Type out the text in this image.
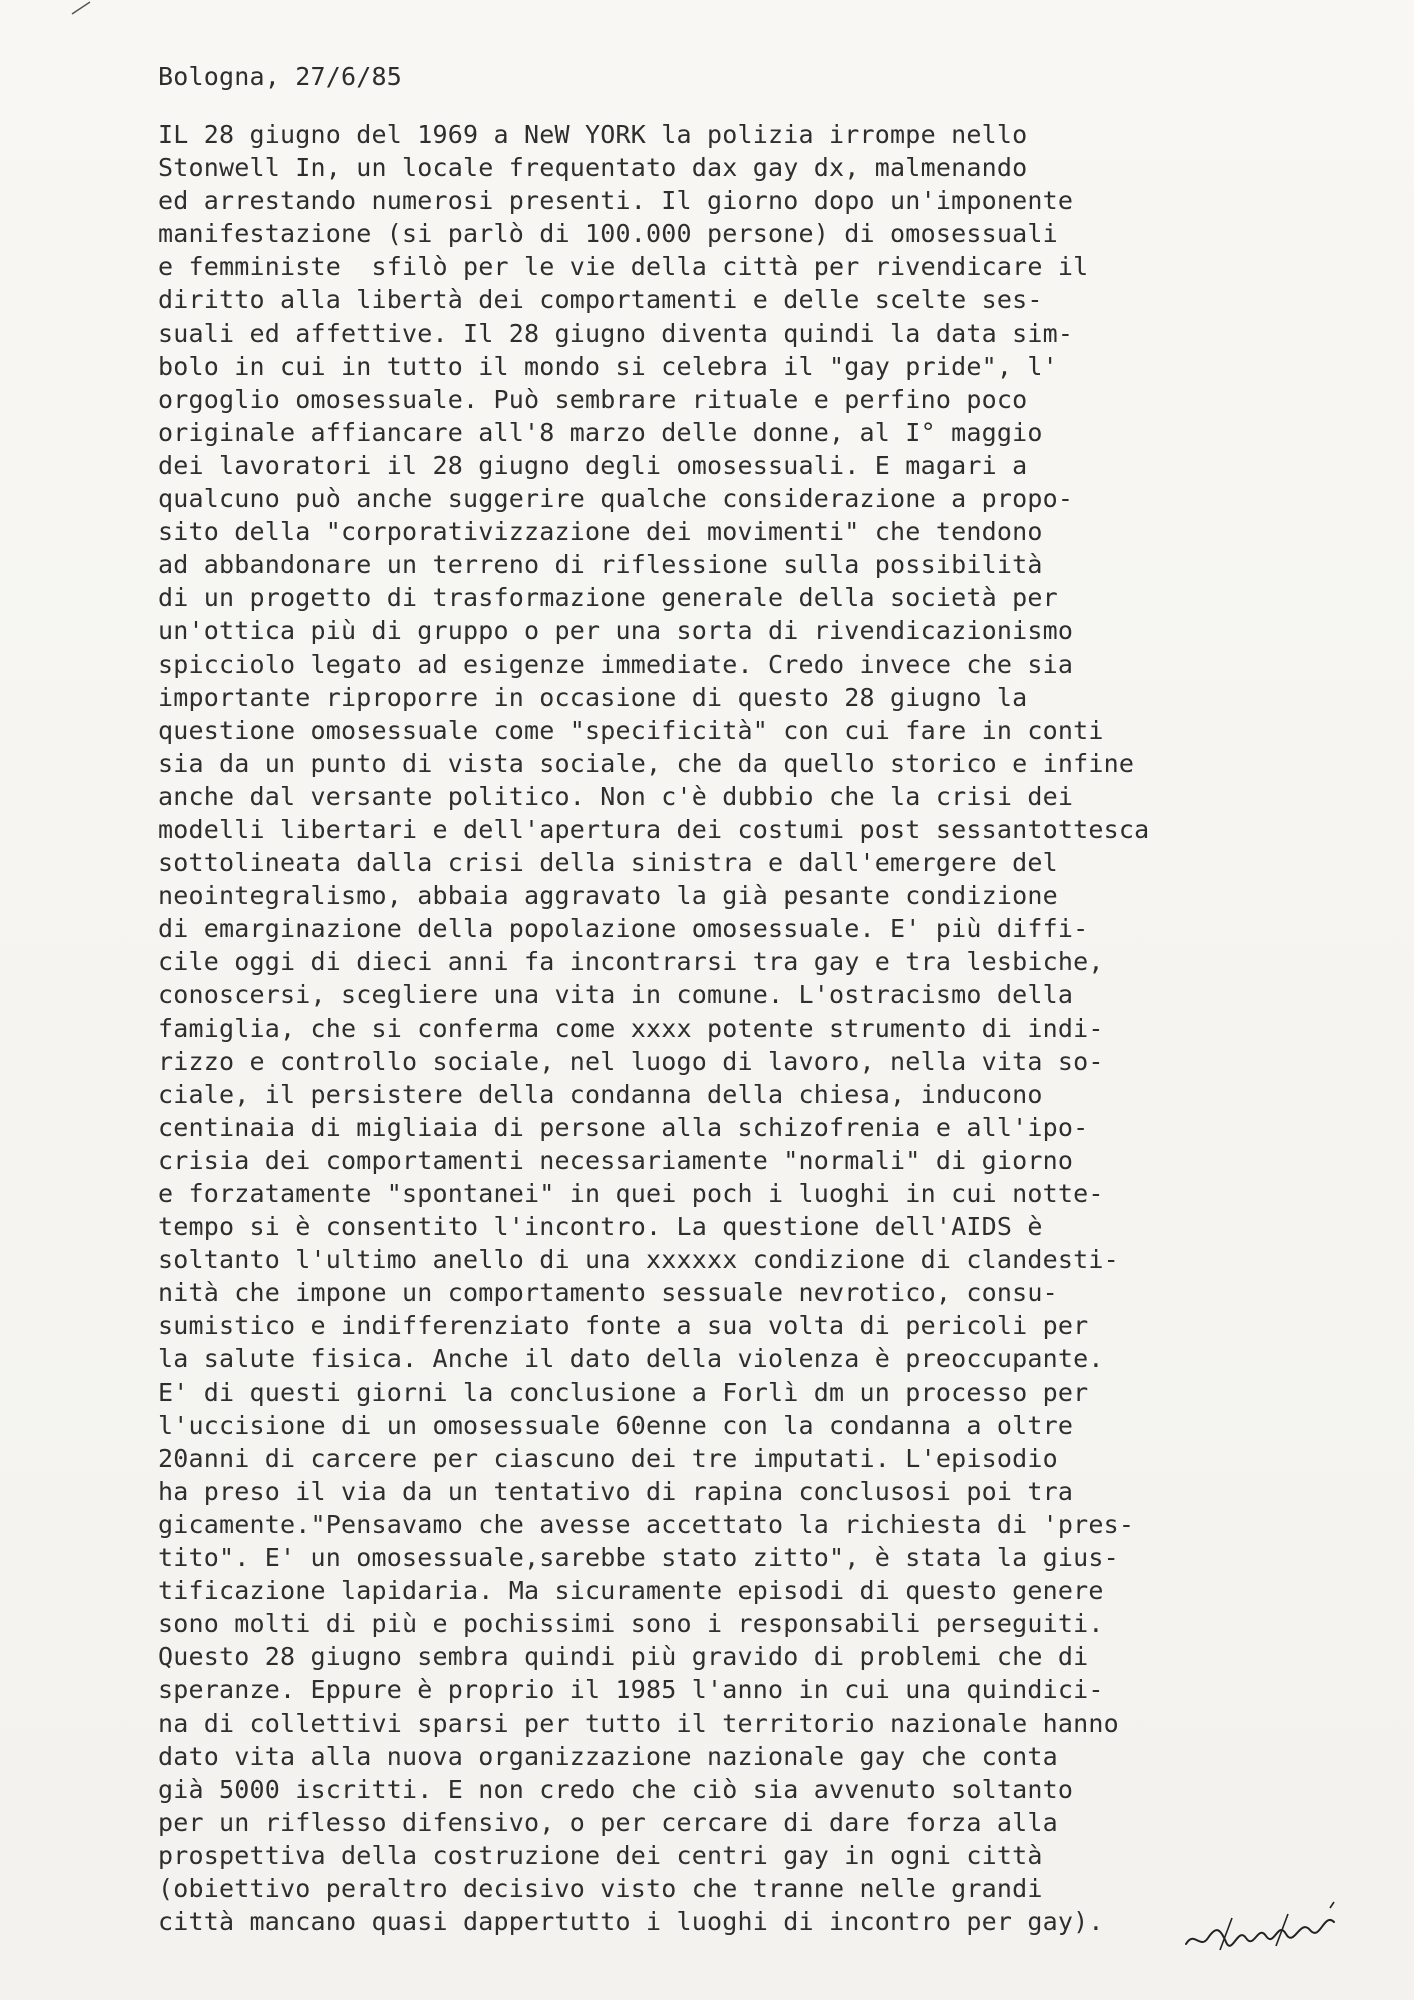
Bologna, 27/6/85
IL 28 giugno del 1969 a NeW YORK la polizia irrompe nello
Stonwell In, un locale frequentato dax gay dx, malmenando
ed arrestando numerosi presenti. Il giorno dopo un'imponente
manifestazione (si parlò di 100.000 persone) di omosessuali
e femministe  sfilò per le vie della città per rivendicare il
diritto alla libertà dei comportamenti e delle scelte ses-
suali ed affettive. Il 28 giugno diventa quindi la data sim-
bolo in cui in tutto il mondo si celebra il "gay pride", l'
orgoglio omosessuale. Può sembrare rituale e perfino poco
originale affiancare all'8 marzo delle donne, al I° maggio
dei lavoratori il 28 giugno degli omosessuali. E magari a
qualcuno può anche suggerire qualche considerazione a propo-
sito della "corporativizzazione dei movimenti" che tendono
ad abbandonare un terreno di riflessione sulla possibilità
di un progetto di trasformazione generale della società per
un'ottica più di gruppo o per una sorta di rivendicazionismo
spicciolo legato ad esigenze immediate. Credo invece che sia
importante riproporre in occasione di questo 28 giugno la
questione omosessuale come "specificità" con cui fare in conti
sia da un punto di vista sociale, che da quello storico e infine
anche dal versante politico. Non c'è dubbio che la crisi dei
modelli libertari e dell'apertura dei costumi post sessantottesca
sottolineata dalla crisi della sinistra e dall'emergere del
neointegralismo, abbaia aggravato la già pesante condizione
di emarginazione della popolazione omosessuale. E' più diffi-
cile oggi di dieci anni fa incontrarsi tra gay e tra lesbiche,
conoscersi, scegliere una vita in comune. L'ostracismo della
famiglia, che si conferma come xxxx potente strumento di indi-
rizzo e controllo sociale, nel luogo di lavoro, nella vita so-
ciale, il persistere della condanna della chiesa, inducono
centinaia di migliaia di persone alla schizofrenia e all'ipo-
crisia dei comportamenti necessariamente "normali" di giorno
e forzatamente "spontanei" in quei poch i luoghi in cui notte-
tempo si è consentito l'incontro. La questione dell'AIDS è
soltanto l'ultimo anello di una xxxxxx condizione di clandesti-
nità che impone un comportamento sessuale nevrotico, consu-
sumistico e indifferenziato fonte a sua volta di pericoli per
la salute fisica. Anche il dato della violenza è preoccupante.
E' di questi giorni la conclusione a Forlì dm un processo per
l'uccisione di un omosessuale 60enne con la condanna a oltre
20anni di carcere per ciascuno dei tre imputati. L'episodio
ha preso il via da un tentativo di rapina conclusosi poi tra
gicamente."Pensavamo che avesse accettato la richiesta di 'pres-
tito". E' un omosessuale,sarebbe stato zitto", è stata la gius-
tificazione lapidaria. Ma sicuramente episodi di questo genere
sono molti di più e pochissimi sono i responsabili perseguiti.
Questo 28 giugno sembra quindi più gravido di problemi che di
speranze. Eppure è proprio il 1985 l'anno in cui una quindici-
na di collettivi sparsi per tutto il territorio nazionale hanno
dato vita alla nuova organizzazione nazionale gay che conta
già 5000 iscritti. E non credo che ciò sia avvenuto soltanto
per un riflesso difensivo, o per cercare di dare forza alla
prospettiva della costruzione dei centri gay in ogni città
(obiettivo peraltro decisivo visto che tranne nelle grandi
città mancano quasi dappertutto i luoghi di incontro per gay).
